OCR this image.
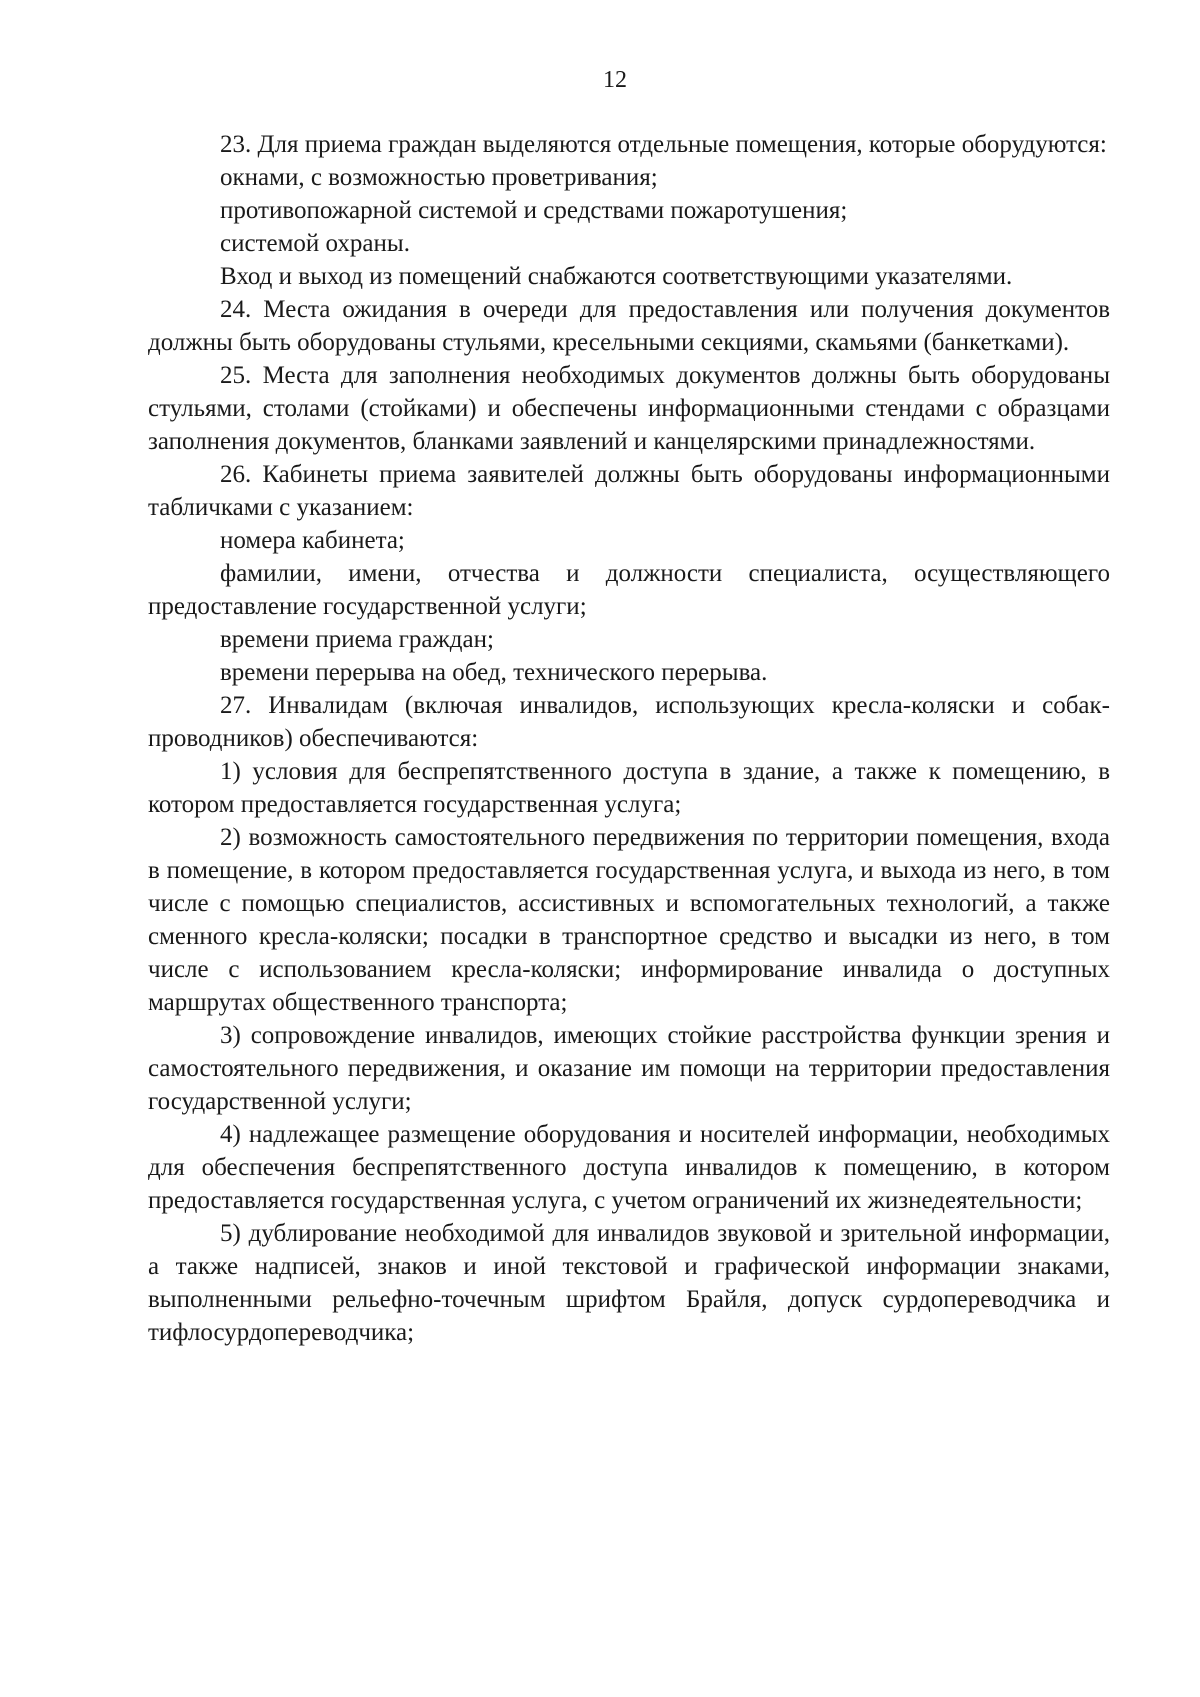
12

23. Для приема граждан выделяются отдельные помещения, которые оборудуются:

окнами, с возможностью проветривания;

противопожарной системой и средствами пожаротушения;

системой охраны.

Вход и выход из помещений снабжаются соответствующими указателями.

24. Места ожидания в очереди для предоставления или получения документов должны быть оборудованы стульями, кресельными секциями, скамьями (банкетками).

25. Места для заполнения необходимых документов должны быть оборудованы стульями, столами (стойками) и обеспечены информационными стендами с образцами заполнения документов, бланками заявлений и канцелярскими принадлежностями.

26. Кабинеты приема заявителей должны быть оборудованы информационными табличками с указанием:

номера кабинета;

фамилии, имени, отчества и должности специалиста, осуществляющего предоставление государственной услуги;

времени приема граждан;

времени перерыва на обед, технического перерыва.

27. Инвалидам (включая инвалидов, использующих кресла-коляски и собак-проводников) обеспечиваются:

1) условия для беспрепятственного доступа в здание, а также к помещению, в котором предоставляется государственная услуга;

2) возможность самостоятельного передвижения по территории помещения, входа в помещение, в котором предоставляется государственная услуга, и выхода из него, в том числе с помощью специалистов, ассистивных и вспомогательных технологий, а также сменного кресла-коляски; посадки в транспортное средство и высадки из него, в том числе с использованием кресла-коляски; информирование инвалида о доступных маршрутах общественного транспорта;

3) сопровождение инвалидов, имеющих стойкие расстройства функции зрения и самостоятельного передвижения, и оказание им помощи на территории предоставления государственной услуги;

4) надлежащее размещение оборудования и носителей информации, необходимых для обеспечения беспрепятственного доступа инвалидов к помещению, в котором предоставляется государственная услуга, с учетом ограничений их жизнедеятельности;

5) дублирование необходимой для инвалидов звуковой и зрительной информации, а также надписей, знаков и иной текстовой и графической информации знаками, выполненными рельефно-точечным шрифтом Брайля, допуск сурдопереводчика и тифлосурдопереводчика;
